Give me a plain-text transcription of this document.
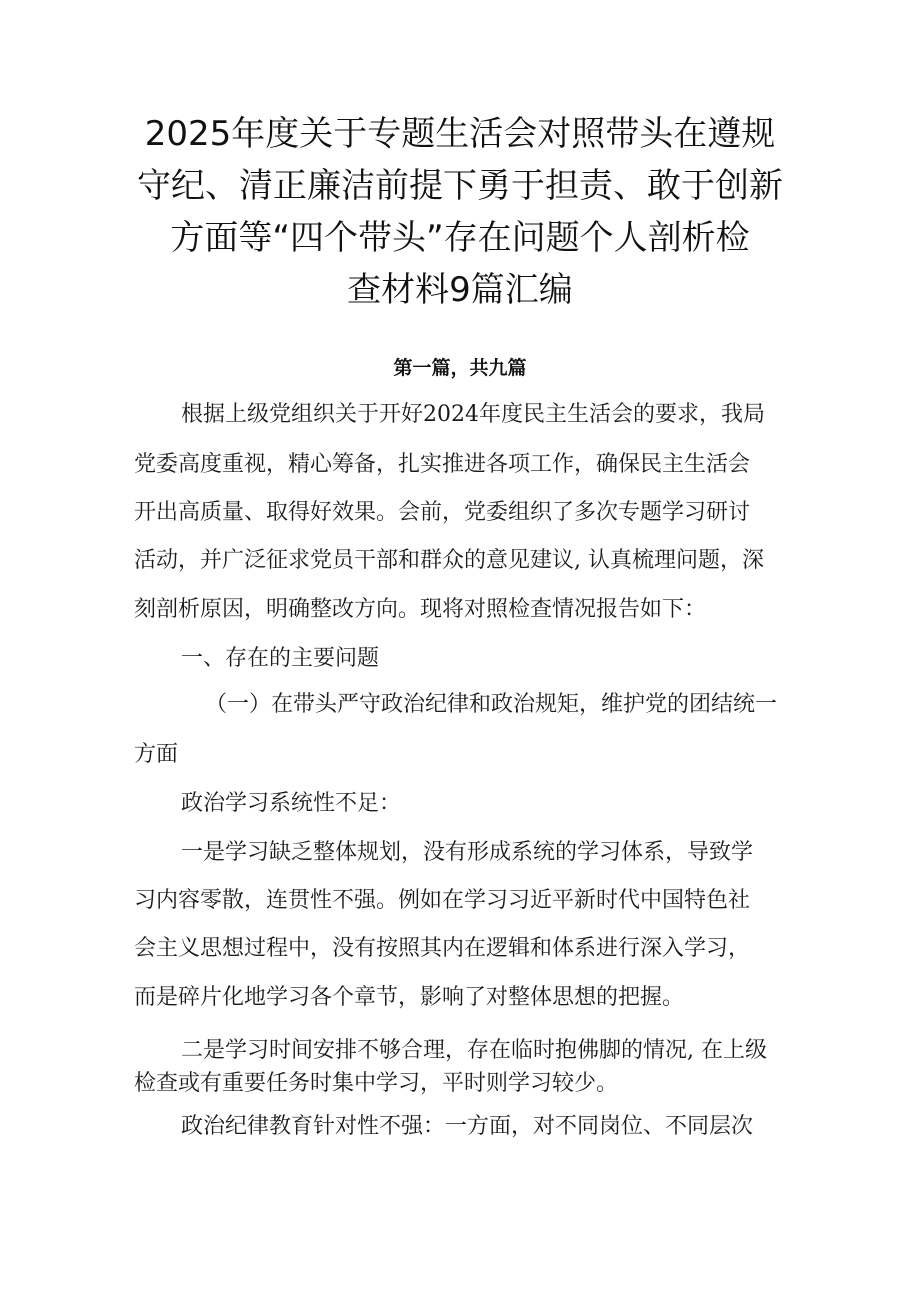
2025年度关于专题生活会对照带头在遵规
守纪、清正廉洁前提下勇于担责、敢于创新
方面等“四个带头”存在问题个人剖析检
查材料9篇汇编
第一篇，共九篇
根据上级党组织关于开好2024年度民主生活会的要求，我局
党委高度重视，精心筹备，扎实推进各项工作，确保民主生活会
开出高质量、取得好效果。会前，党委组织了多次专题学习研讨
活动，并广泛征求党员干部和群众的意见建议, 认真梳理问题，深
刻剖析原因，明确整改方向。现将对照检查情况报告如下：
一、存在的主要问题
（一）在带头严守政治纪律和政治规矩，维护党的团结统一
方面
政治学习系统性不足：
一是学习缺乏整体规划，没有形成系统的学习体系，导致学
习内容零散，连贯性不强。例如在学习习近平新时代中国特色社
会主义思想过程中，没有按照其内在逻辑和体系进行深入学习，
而是碎片化地学习各个章节，影响了对整体思想的把握。
二是学习时间安排不够合理，存在临时抱佛脚的情况, 在上级
检查或有重要任务时集中学习，平时则学习较少。
政治纪律教育针对性不强：一方面，对不同岗位、不同层次
